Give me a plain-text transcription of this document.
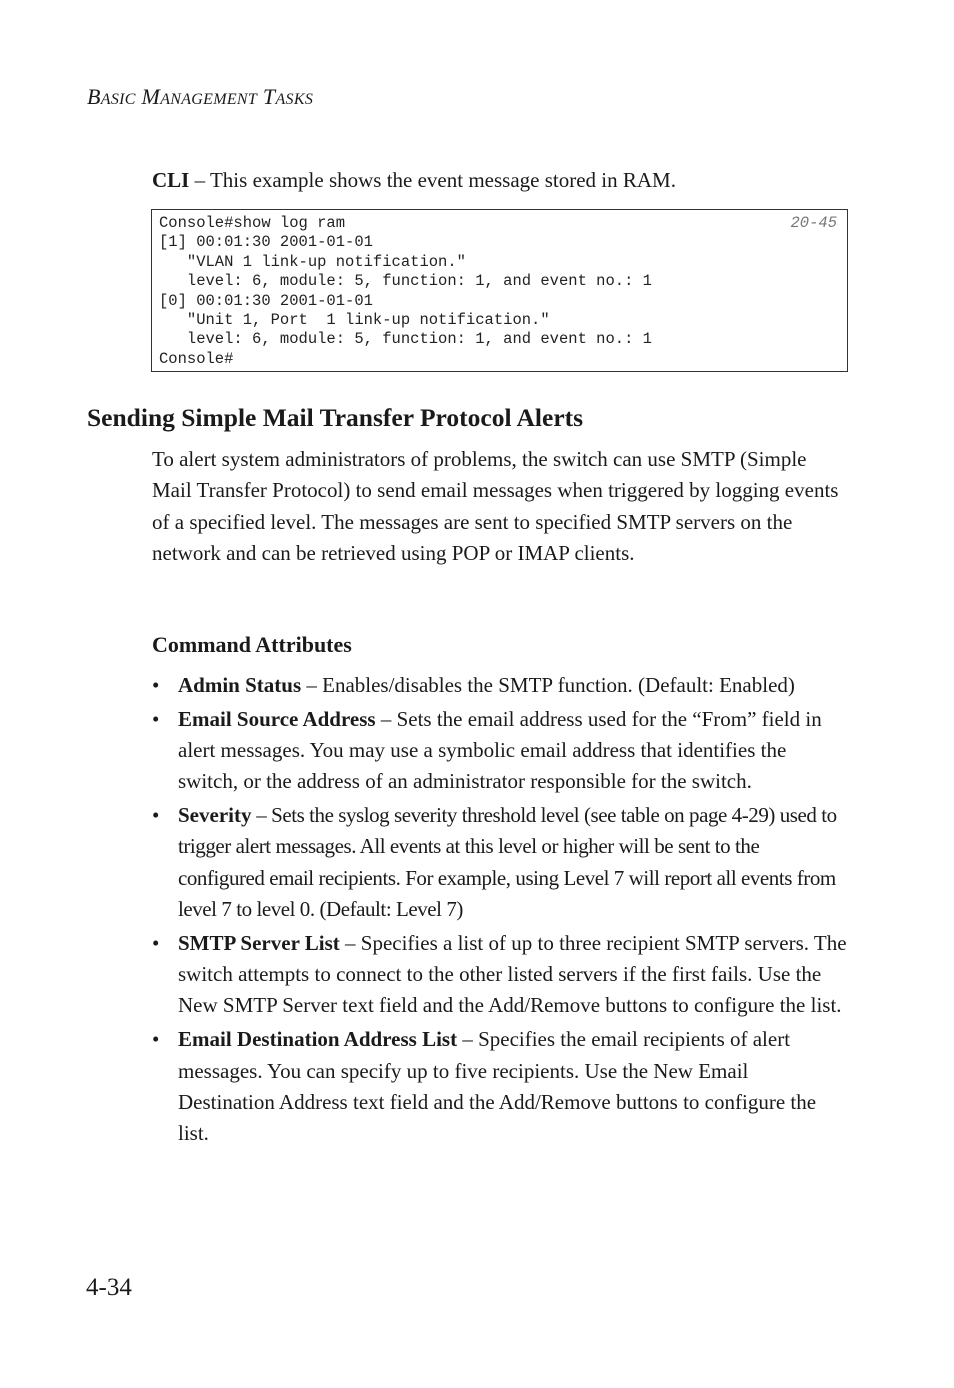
BASIC MANAGEMENT TASKS
CLI – This example shows the event message stored in RAM.
20-45
Console#show log ram
[1] 00:01:30 2001-01-01
"VLAN 1 link-up notification."
level: 6, module: 5, function: 1, and event no.: 1
[0] 00:01:30 2001-01-01
"Unit 1, Port  1 link-up notification."
level: 6, module: 5, function: 1, and event no.: 1
Console#
Sending Simple Mail Transfer Protocol Alerts

To alert system administrators of problems, the switch can use SMTP (Simple Mail Transfer Protocol) to send email messages when triggered by logging events of a specified level. The messages are sent to specified SMTP servers on the network and can be retrieved using POP or IMAP clients.

Command Attributes
• Admin Status – Enables/disables the SMTP function. (Default: Enabled)
• Email Source Address – Sets the email address used for the “From” field in alert messages. You may use a symbolic email address that identifies the switch, or the address of an administrator responsible for the switch.
• Severity – Sets the syslog severity threshold level (see table on page 4-29) used to trigger alert messages. All events at this level or higher will be sent to the configured email recipients. For example, using Level 7 will report all events from level 7 to level 0. (Default: Level 7)
• SMTP Server List – Specifies a list of up to three recipient SMTP servers. The switch attempts to connect to the other listed servers if the first fails. Use the New SMTP Server text field and the Add/Remove buttons to configure the list.
• Email Destination Address List – Specifies the email recipients of alert messages. You can specify up to five recipients. Use the New Email Destination Address text field and the Add/Remove buttons to configure the list.
4-34
